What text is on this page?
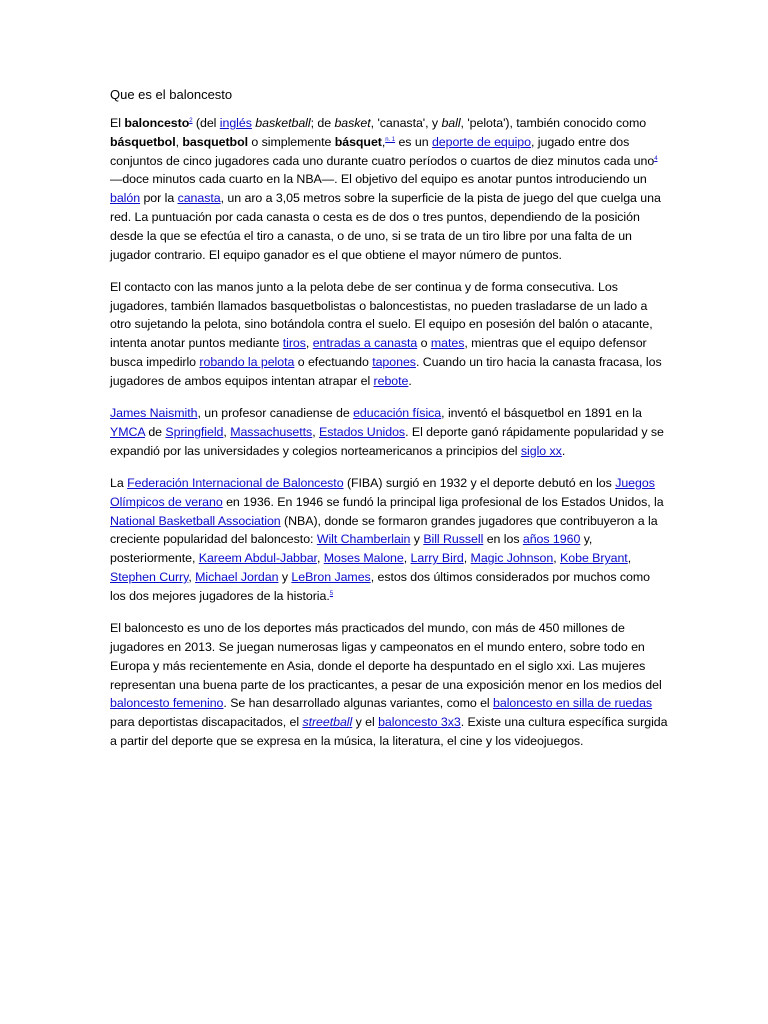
Que es el baloncesto

El baloncesto$^2$ (del inglés basketball; de basket, 'canasta', y ball, 'pelota'), también conocido como básquetbol, basquetbol o simplemente básquet,$^{n. 1}$ es un deporte de equipo, jugado entre dos conjuntos de cinco jugadores cada uno durante cuatro períodos o cuartos de diez minutos cada uno$^4$ —doce minutos cada cuarto en la NBA—. El objetivo del equipo es anotar puntos introduciendo un balón por la canasta, un aro a 3,05 metros sobre la superficie de la pista de juego del que cuelga una red. La puntuación por cada canasta o cesta es de dos o tres puntos, dependiendo de la posición desde la que se efectúa el tiro a canasta, o de uno, si se trata de un tiro libre por una falta de un jugador contrario. El equipo ganador es el que obtiene el mayor número de puntos.

El contacto con las manos junto a la pelota debe de ser continua y de forma consecutiva. Los jugadores, también llamados basquetbolistas o baloncestistas, no pueden trasladarse de un lado a otro sujetando la pelota, sino botándola contra el suelo. El equipo en posesión del balón o atacante, intenta anotar puntos mediante tiros, entradas a canasta o mates, mientras que el equipo defensor busca impedirlo robando la pelota o efectuando tapones. Cuando un tiro hacia la canasta fracasa, los jugadores de ambos equipos intentan atrapar el rebote.

James Naismith, un profesor canadiense de educación física, inventó el básquetbol en 1891 en la YMCA de Springfield, Massachusetts, Estados Unidos. El deporte ganó rápidamente popularidad y se expandió por las universidades y colegios norteamericanos a principios del siglo xx.

La Federación Internacional de Baloncesto (FIBA) surgió en 1932 y el deporte debutó en los Juegos Olímpicos de verano en 1936. En 1946 se fundó la principal liga profesional de los Estados Unidos, la National Basketball Association (NBA), donde se formaron grandes jugadores que contribuyeron a la creciente popularidad del baloncesto: Wilt Chamberlain y Bill Russell en los años 1960 y, posteriormente, Kareem Abdul-Jabbar, Moses Malone, Larry Bird, Magic Johnson, Kobe Bryant, Stephen Curry, Michael Jordan y LeBron James, estos dos últimos considerados por muchos como los dos mejores jugadores de la historia.$^5$

El baloncesto es uno de los deportes más practicados del mundo, con más de 450 millones de jugadores en 2013. Se juegan numerosas ligas y campeonatos en el mundo entero, sobre todo en Europa y más recientemente en Asia, donde el deporte ha despuntado en el siglo xxi. Las mujeres representan una buena parte de los practicantes, a pesar de una exposición menor en los medios del baloncesto femenino. Se han desarrollado algunas variantes, como el baloncesto en silla de ruedas para deportistas discapacitados, el streetball y el baloncesto 3x3. Existe una cultura específica surgida a partir del deporte que se expresa en la música, la literatura, el cine y los videojuegos.
